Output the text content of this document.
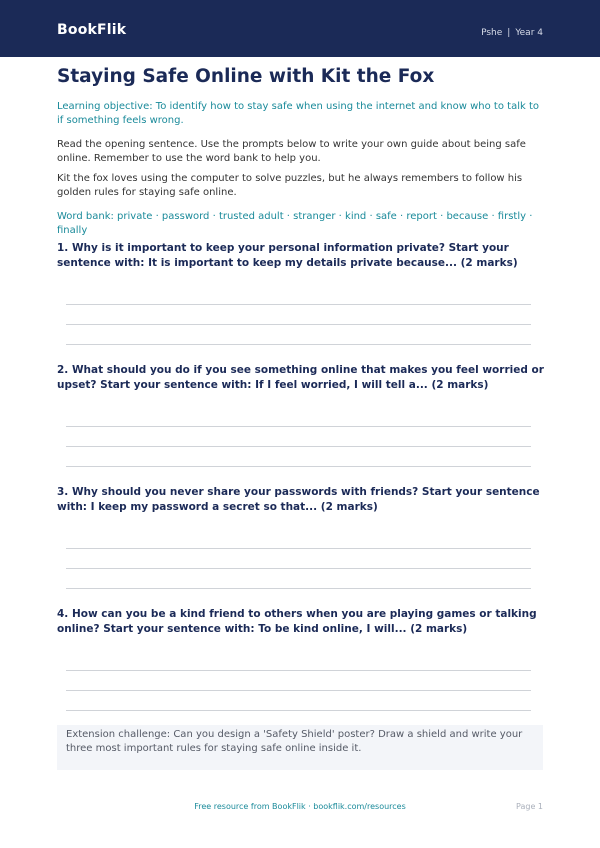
BookFlik	Pshe | Year 4
Staying Safe Online with Kit the Fox

Learning objective: To identify how to stay safe when using the internet and know who to talk to if something feels wrong.

Read the opening sentence. Use the prompts below to write your own guide about being safe online. Remember to use the word bank to help you.

Kit the fox loves using the computer to solve puzzles, but he always remembers to follow his golden rules for staying safe online.

Word bank: private · password · trusted adult · stranger · kind · safe · report · because · firstly · finally

1. Why is it important to keep your personal information private? Start your sentence with: It is important to keep my details private because... (2 marks)

2. What should you do if you see something online that makes you feel worried or upset? Start your sentence with: If I feel worried, I will tell a... (2 marks)

3. Why should you never share your passwords with friends? Start your sentence with: I keep my password a secret so that... (2 marks)

4. How can you be a kind friend to others when you are playing games or talking online? Start your sentence with: To be kind online, I will... (2 marks)

Extension challenge: Can you design a 'Safety Shield' poster? Draw a shield and write your three most important rules for staying safe online inside it.

Free resource from BookFlik · bookflik.com/resources	Page 1
